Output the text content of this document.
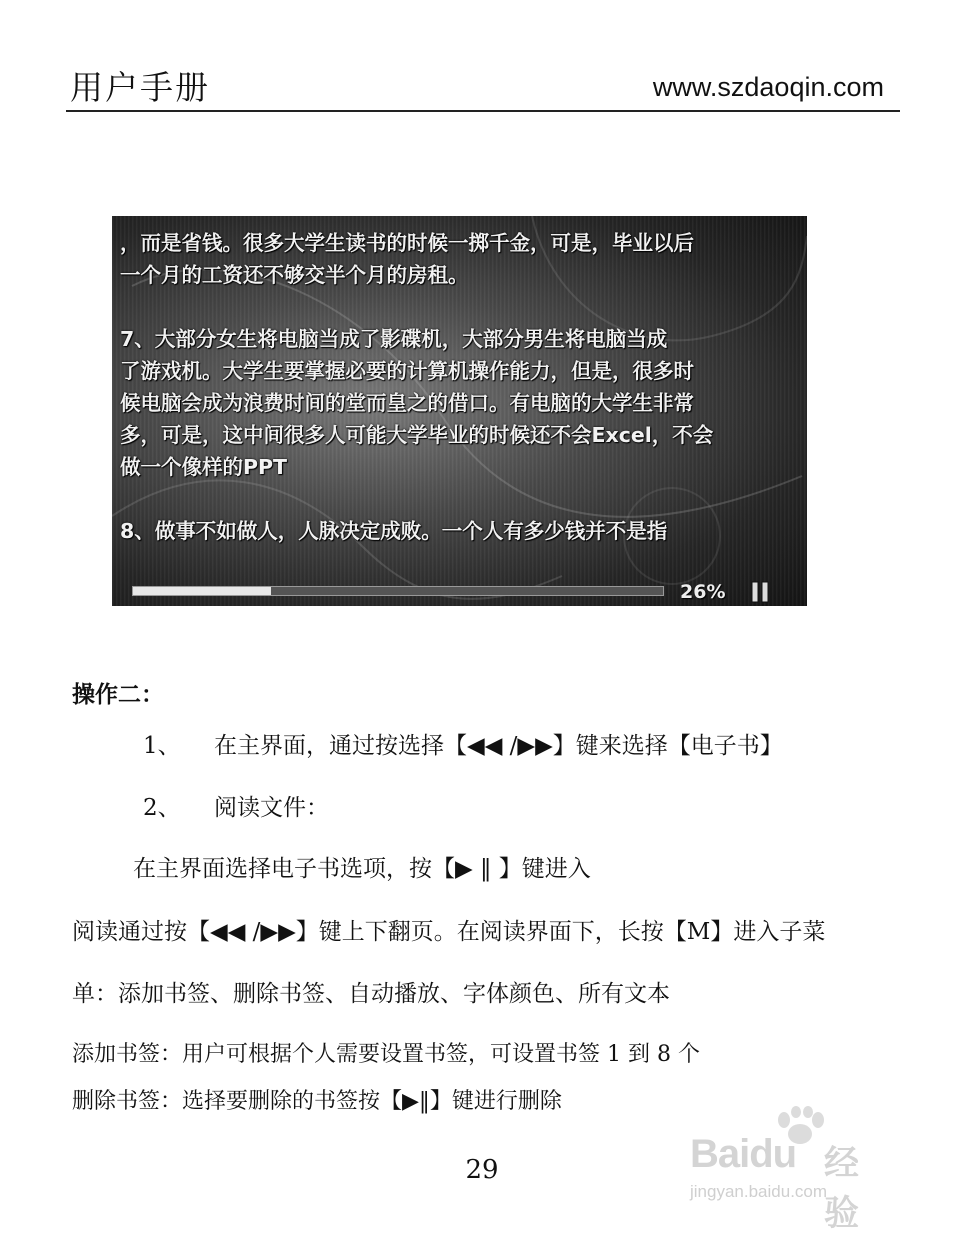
用户手册	www.szdaoqin.com
，而是省钱。很多大学生读书的时候一掷千金，可是，毕业以后
一个月的工资还不够交半个月的房租。
7、大部分女生将电脑当成了影碟机，大部分男生将电脑当成
了游戏机。大学生要掌握必要的计算机操作能力，但是，很多时
候电脑会成为浪费时间的堂而皇之的借口。有电脑的大学生非常
多，可是，这中间很多人可能大学毕业的时候还不会Excel，不会
做一个像样的PPT
8、做事不如做人，人脉决定成败。一个人有多少钱并不是指
26%
操作二：
1、 在主界面，通过按选择【◀◀ /▶▶】键来选择【电子书】
2、 阅读文件：
在主界面选择电子书选项，按【▶ ‖ 】键进入
阅读通过按【◀◀ /▶▶】键上下翻页。在阅读界面下，长按【M】进入子菜
单：添加书签、删除书签、自动播放、字体颜色、所有文本
添加书签：用户可根据个人需要设置书签，可设置书签 1 到 8 个
删除书签：选择要删除的书签按【▶‖】键进行删除
29	Baidu 经验
jingyan.baidu.com
